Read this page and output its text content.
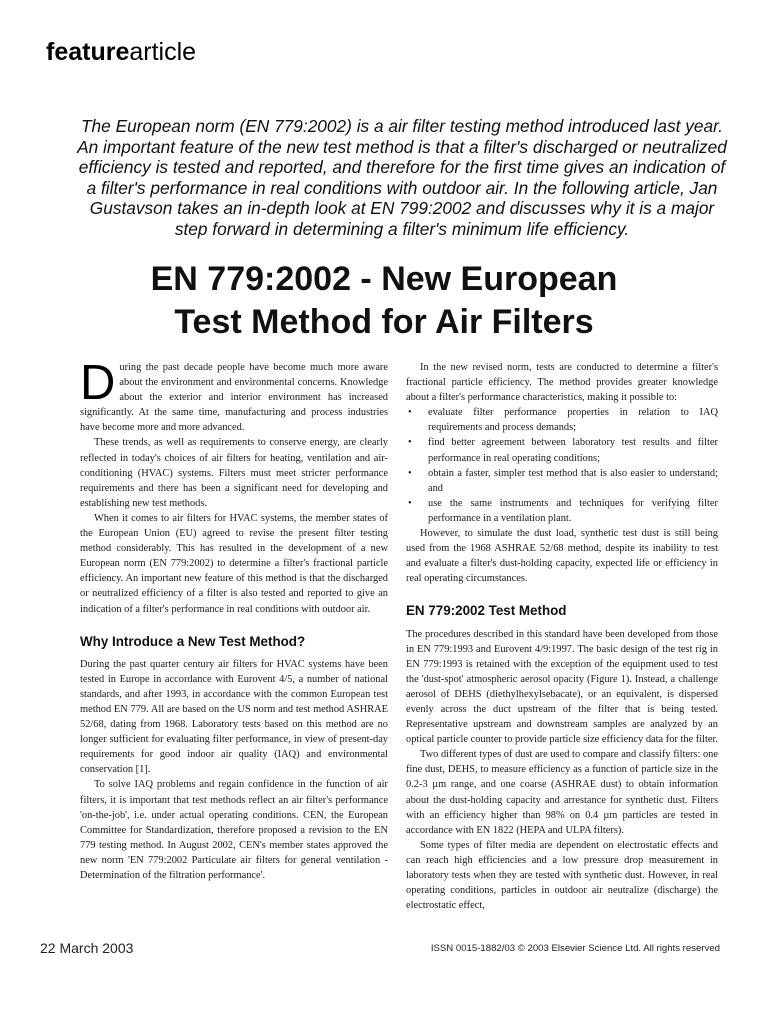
featurearticle
The European norm (EN 779:2002) is a air filter testing method introduced last year. An important feature of the new test method is that a filter's discharged or neutralized efficiency is tested and reported, and therefore for the first time gives an indication of a filter's performance in real conditions with outdoor air. In the following article, Jan Gustavson takes an in-depth look at EN 799:2002 and discusses why it is a major step forward in determining a filter's minimum life efficiency.
EN 779:2002 - New European
Test Method for Air Filters

During the past decade people have become much more aware about the environment and environmental concerns. Knowledge about the exterior and interior environment has increased significantly. At the same time, manufacturing and process industries have become more and more advanced.

These trends, as well as requirements to conserve energy, are clearly reflected in today's choices of air filters for heating, ventilation and air-conditioning (HVAC) systems. Filters must meet stricter performance requirements and there has been a significant need for developing and establishing new test methods.

When it comes to air filters for HVAC systems, the member states of the European Union (EU) agreed to revise the present filter testing method considerably. This has resulted in the development of a new European norm (EN 779:2002) to determine a filter's fractional particle efficiency. An important new feature of this method is that the discharged or neutralized efficiency of a filter is also tested and reported to give an indication of a filter's performance in real conditions with outdoor air.

Why Introduce a New Test Method?

During the past quarter century air filters for HVAC systems have been tested in Europe in accordance with Eurovent 4/5, a number of national standards, and after 1993, in accordance with the common European test method EN 779. All are based on the US norm and test method ASHRAE 52/68, dating from 1968. Laboratory tests based on this method are no longer sufficient for evaluating filter performance, in view of present-day requirements for good indoor air quality (IAQ) and environmental conservation [1].

To solve IAQ problems and regain confidence in the function of air filters, it is important that test methods reflect an air filter's performance 'on-the-job', i.e. under actual operating conditions. CEN, the European Committee for Standardization, therefore proposed a revision to the EN 779 testing method. In August 2002, CEN's member states approved the new norm 'EN 779:2002 Particulate air filters for general ventilation - Determination of the filtration performance'.

In the new revised norm, tests are conducted to determine a filter's fractional particle efficiency. The method provides greater knowledge about a filter's performance characteristics, making it possible to:

• evaluate filter performance properties in relation to IAQ requirements and process demands;
• find better agreement between laboratory test results and filter performance in real operating conditions;
• obtain a faster, simpler test method that is also easier to understand; and
• use the same instruments and techniques for verifying filter performance in a ventilation plant.

However, to simulate the dust load, synthetic test dust is still being used from the 1968 ASHRAE 52/68 method, despite its inability to test and evaluate a filter's dust-holding capacity, expected life or efficiency in real operating circumstances.

EN 779:2002 Test Method

The procedures described in this standard have been developed from those in EN 779:1993 and Eurovent 4/9:1997. The basic design of the test rig in EN 779:1993 is retained with the exception of the equipment used to test the 'dust-spot' atmospheric aerosol opacity (Figure 1). Instead, a challenge aerosol of DEHS (diethylhexylsebacate), or an equivalent, is dispersed evenly across the duct upstream of the filter that is being tested. Representative upstream and downstream samples are analyzed by an optical particle counter to provide particle size efficiency data for the filter.

Two different types of dust are used to compare and classify filters: one fine dust, DEHS, to measure efficiency as a function of particle size in the 0.2-3 µm range, and one coarse (ASHRAE dust) to obtain information about the dust-holding capacity and arrestance for synthetic dust. Filters with an efficiency higher than 98% on 0.4 µm particles are tested in accordance with EN 1822 (HEPA and ULPA filters).

Some types of filter media are dependent on electrostatic effects and can reach high efficiencies and a low pressure drop measurement in laboratory tests when they are tested with synthetic dust. However, in real operating conditions, particles in outdoor air neutralize (discharge) the electrostatic effect,

22 March 2003	ISSN 0015-1882/03 © 2003 Elsevier Science Ltd. All rights reserved
